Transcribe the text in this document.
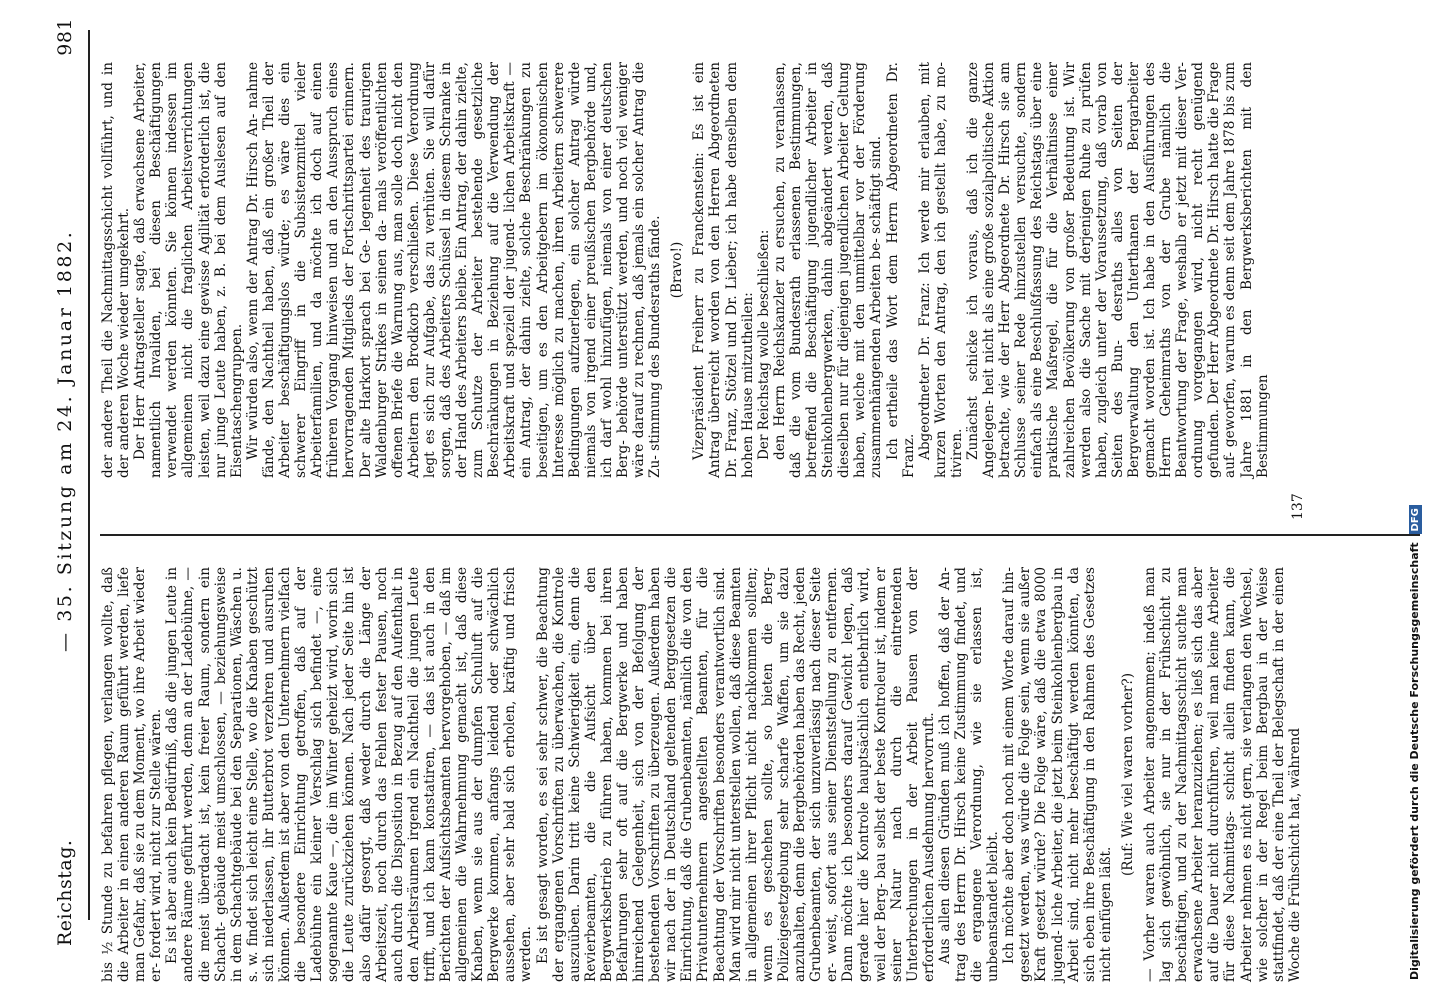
Reichstag.
— 35. Sitzung am 24. Januar 1882.
981

bis ½ Stunde zu befahren pflegen, verlangen wollte, daß die Arbeiter in einen anderen Raum geführt werden, liefe man Gefahr, daß sie zu dem Moment, wo ihre Arbeit wieder er- fordert wird, nicht zur Stelle wären. Es ist aber auch kein Bedürfniß, daß die jungen Leute in andere Räume geführt werden, denn an der Ladebühne, — die meist überdacht ist, kein freier Raum, sondern ein Schacht- gebäude meist umschlossen, — beziehungsweise in dem Schachtgebäude bei den Separationen, Wäschen u. s. w. findet sich leicht eine Stelle, wo die Knaben geschützt sich niederlassen, ihr Butterbrot verzehren und ausruhen können. Außerdem ist aber von den Unternehmern vielfach die besondere Einrichtung getroffen, daß auf der Ladebühne ein kleiner Verschlag sich befindet —, eine sogenannte Kaue —, die im Winter geheizt wird, worin sich die Leute zurückziehen können. Nach jeder Seite hin ist also dafür gesorgt, daß weder durch die Länge der Arbeitszeit, noch durch das Fehlen fester Pausen, noch auch durch die Disposition in Bezug auf den Aufenthalt in den Arbeitsräumen irgend ein Nachtheil die jungen Leute trifft, und ich kann konstatiren, — das ist auch in den Berichten der Aufsichtsbeamten hervorgehoben, — daß im allgemeinen die Wahrnehmung gemacht ist, daß diese Knaben, wenn sie aus der dumpfen Schulluft auf die Bergwerke kommen, anfangs leidend oder schwächlich aussehen, aber sehr bald sich erholen, kräftig und frisch werden. Es ist gesagt worden, es sei sehr schwer, die Beachtung der ergangenen Vorschriften zu überwachen, die Kontrole auszuüben. Darin tritt keine Schwierigkeit ein, denn die Revierbeamten, die die Aufsicht über den Bergwerksbetrieb zu führen haben, kommen bei ihren Befahrungen sehr oft auf die Bergwerke und haben hinreichend Gelegenheit, sich von der Befolgung der bestehenden Vorschriften zu überzeugen. Außerdem haben wir nach der in Deutschland geltenden Berggesetzen die Einrichtung, daß die Grubenbeamten, nämlich die von den Privatunternehmern angestellten Beamten, für die Beachtung der Vorschriften besonders verantwortlich sind. Man wird mir nicht unterstellen wollen, daß diese Beamten in allgemeinen ihrer Pflicht nicht nachkommen sollten; wenn es geschehen sollte, so bieten die Berg-Polizeigesetzgebung sehr scharfe Waffen, um sie dazu anzuhalten, denn die Bergbehörden haben das Recht, jeden Grubenbeamten, der sich unzuverlässig nach dieser Seite er- weist, sofort aus seiner Dienststellung zu entfernen. Dann möchte ich besonders darauf Gewicht legen, daß gerade hier die Kontrole hauptsächlich entbehrlich wird, weil der Berg- bau selbst der beste Kontroleur ist, indem er seiner Natur nach durch die eintretenden Unterbrechungen in der Arbeit Pausen von der erforderlichen Ausdehnung hervorruft. Aus allen diesen Gründen muß ich hoffen, daß der An- trag des Herrn Dr. Hirsch keine Zustimmung findet, und die ergangene Verordnung, wie sie erlassen ist, unbeanstandet bleibt. Ich möchte aber doch noch mit einem Worte darauf hin- gesetzt werden, was würde die Folge sein, wenn sie außer Kraft gesetzt würde? Die Folge wäre, daß die etwa 8000 jugend- liche Arbeiter, die jetzt beim Steinkohlenbergbau in Arbeit sind, nicht mehr beschäftigt werden könnten, da sich eben ihre Beschäftigung in den Rahmen des Gesetzes nicht einfügen läßt.

(Ruf: Wie viel waren vorher?) — Vorher waren auch Arbeiter angenommen; indeß man lag sich gewöhnlich, sie nur in der Frühschicht zu beschäftigen, und zu der Nachmittagsschicht suchte man erwachsene Arbeiter heranzuziehen; es ließ sich das aber auf die Dauer nicht durchführen, weil man keine Arbeiter für diese Nachmittags- schicht allein finden kann, die Arbeiter nehmen es nicht gern, sie verlangen den Wechsel, wie solcher in der Regel beim Bergbau in der Weise stattfindet, daß der eine Theil der Belegschaft in der einen Woche die Frühschicht hat, während

der andere Theil die Nachmittagsschicht vollführt, und in der anderen Woche wieder umgekehrt. Der Herr Antragsteller sagte, daß erwachsene Arbeiter, namentlich Invaliden, bei diesen Beschäftigungen verwendet werden könnten. Sie können indessen im allgemeinen nicht die fraglichen Arbeitsverrichtungen leisten, weil dazu eine gewisse Agilität erforderlich ist, die nur junge Leute haben, z. B. bei dem Auslesen auf den Eisentaschengruppen. Wir würden also, wenn der Antrag Dr. Hirsch An- nahme fände, den Nachtheil haben, daß ein großer Theil der Arbeiter beschäftigungslos würde; es wäre dies ein schwerer Eingriff in die Subsistenzmittel vieler Arbeiterfamilien, und da möchte ich doch auf einen früheren Vorgang hinweisen und an den Ausspruch eines hervorragenden Mitglieds der Fortschrittspartei erinnern. Der alte Harkort sprach bei Ge- legenheit des traurigen Waldenburger Strikes in seinen da- mals veröffentlichten offenen Briefe die Warnung aus, man solle doch nicht den Arbeitern den Brodkorb verschließen. Diese Verordnung legt es sich zur Aufgabe, das zu verhüten. Sie will dafür sorgen, daß des Arbeiters Schüssel in diesem Schranke in der Hand des Arbeiters bleibe. Ein Antrag, der dahin zielte, zum Schutze der Arbeiter bestehende gesetzliche Beschränkungen in Beziehung auf die Verwendung der Arbeitskraft und speziell der jugend- lichen Arbeitskraft — ein Antrag, der dahin zielte, solche Beschränkungen zu beseitigen, um es den Arbeitgebern im ökonomischen Interesse möglich zu machen, ihren Arbeitern schwerere Bedingungen aufzuerlegen, ein solcher Antrag würde niemals von irgend einer preußischen Bergbehörde und, ich darf wohl hinzufügen, niemals von einer deutschen Berg- behörde unterstützt werden, und noch viel weniger wäre darauf zu rechnen, daß jemals ein solcher Antrag die Zu- stimmung des Bundesraths fände. (Bravo!) Vizepräsident Freiherr zu Franckenstein: Es ist ein Antrag überreicht worden von den Herren Abgeordneten Dr. Franz, Stötzel und Dr. Lieber; ich habe denselben dem hohen Hause mitzutheilen: Der Reichstag wolle beschließen: den Herrn Reichskanzler zu ersuchen, zu veranlassen, daß die vom Bundesrath erlassenen Bestimmungen, betreffend die Beschäftigung jugendlicher Arbeiter in Steinkohlenbergwerken, dahin abgeändert werden, daß dieselben nur für diejenigen jugendlichen Arbeiter Geltung haben, welche mit den unmittelbar vor der Förderung zusammenhängenden Arbeiten be- schäftigt sind. Ich ertheile das Wort dem Herrn Abgeordneten Dr. Franz. Abgeordneter Dr. Franz: Ich werde mir erlauben, mit kurzen Worten den Antrag, den ich gestellt habe, zu mo- tiviren. Zunächst schicke ich voraus, daß ich die ganze Angelegen- heit nicht als eine große sozialpolitische Aktion betrachte, wie der Herr Abgeordnete Dr. Hirsch sie am Schlusse seiner Rede hinzustellen versuchte, sondern einfach als eine Beschlußfassung des Reichstags über eine praktische Maßregel, die für die Verhältnisse einer zahlreichen Bevölkerung von großer Bedeutung ist. Wir werden also die Sache mit derjenigen Ruhe zu prüfen haben, zugleich unter der Voraussetzung, daß vorab von Seiten des Bun- desraths alles von Seiten der Bergverwaltung den Unterthanen der Bergarbeiter gemacht worden ist. Ich habe in den Ausführungen des Herrn Geheimraths von der Grube nämlich die Beantwortung der Frage, weshalb er jetzt mit dieser Ver- ordnung vorgegangen wird, nicht recht genügend gefunden. Der Herr Abgeordnete Dr. Hirsch hatte die Frage auf- geworfen, warum es denn seit dem Jahre 1878 bis zum Jahre 1881 in den Bergwerksberichten mit den Bestimmungen

137
Digitalisierung gefördert durch die Deutsche Forschungsgemeinschaft DFG
